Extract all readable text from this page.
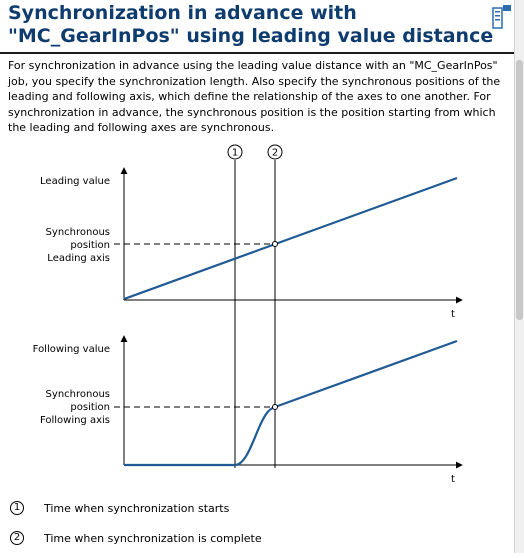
Synchronization in advance with
"MC_GearInPos" using leading value distance

For synchronization in advance using the leading value distance with an "MC_GearInPos" job, you specify the synchronization length. Also specify the synchronous positions of the leading and following axis, which define the relationship of the axes to one another. For synchronization in advance, the synchronous position is the position starting from which the leading and following axes are synchronous.

1	2
Leading value
Synchronous
position
Leading axis
t
Following value
Synchronous
position
Following axis
t
1	Time when synchronization starts
2	Time when synchronization is complete
